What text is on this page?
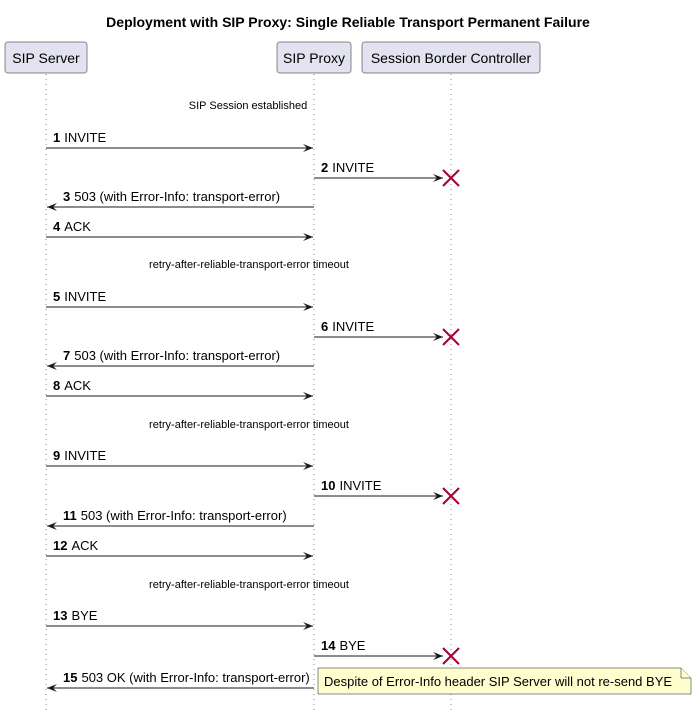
Deployment with SIP Proxy: Single Reliable Transport Permanent Failure
SIP Server	SIP Proxy Session Border Controller
SIP Session established
retry-after-reliable-transport-error timeout
retry-after-reliable-transport-error timeout
retry-after-reliable-transport-error timeout
1 INVITE
2 INVITE
3 503 (with Error-Info: transport-error)
4 ACK
5 INVITE
6 INVITE
7 503 (with Error-Info: transport-error)
8 ACK
9 INVITE
10 INVITE
11 503 (with Error-Info: transport-error)
12 ACK
13 BYE
14 BYE
15 503 OK (with Error-Info: transport-error) Despite of Error-Info header SIP Server will not re-send BYE
